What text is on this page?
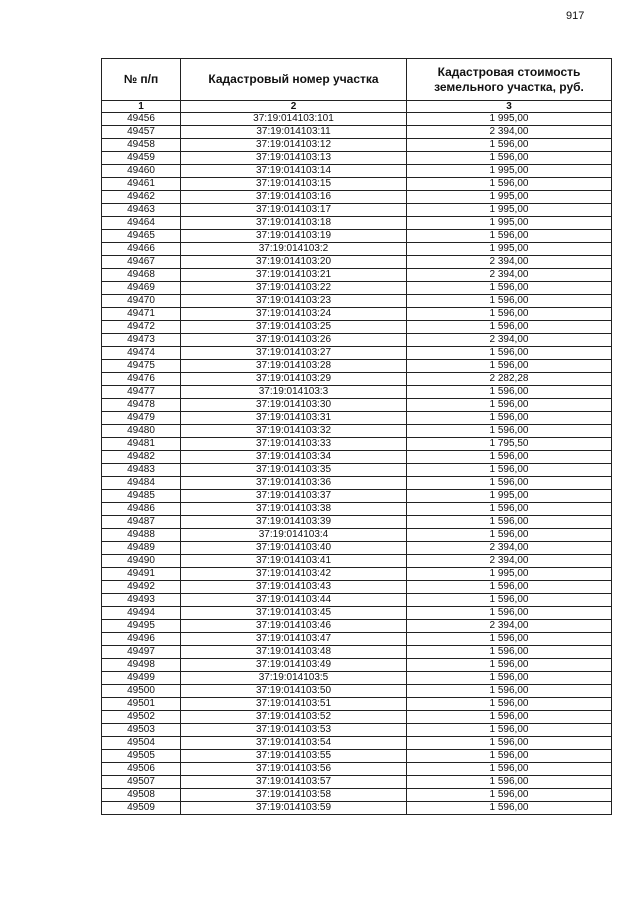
917
№ п/п	Кадастровый номер участка	Кадастровая стоимость земельного участка, руб.
1	2	3
49456	37:19:014103:101	1 995,00
49457	37:19:014103:11	2 394,00
49458	37:19:014103:12	1 596,00
49459	37:19:014103:13	1 596,00
49460	37:19:014103:14	1 995,00
49461	37:19:014103:15	1 596,00
49462	37:19:014103:16	1 995,00
49463	37:19:014103:17	1 995,00
49464	37:19:014103:18	1 995,00
49465	37:19:014103:19	1 596,00
49466	37:19:014103:2	1 995,00
49467	37:19:014103:20	2 394,00
49468	37:19:014103:21	2 394,00
49469	37:19:014103:22	1 596,00
49470	37:19:014103:23	1 596,00
49471	37:19:014103:24	1 596,00
49472	37:19:014103:25	1 596,00
49473	37:19:014103:26	2 394,00
49474	37:19:014103:27	1 596,00
49475	37:19:014103:28	1 596,00
49476	37:19:014103:29	2 282,28
49477	37:19:014103:3	1 596,00
49478	37:19:014103:30	1 596,00
49479	37:19:014103:31	1 596,00
49480	37:19:014103:32	1 596,00
49481	37:19:014103:33	1 795,50
49482	37:19:014103:34	1 596,00
49483	37:19:014103:35	1 596,00
49484	37:19:014103:36	1 596,00
49485	37:19:014103:37	1 995,00
49486	37:19:014103:38	1 596,00
49487	37:19:014103:39	1 596,00
49488	37:19:014103:4	1 596,00
49489	37:19:014103:40	2 394,00
49490	37:19:014103:41	2 394,00
49491	37:19:014103:42	1 995,00
49492	37:19:014103:43	1 596,00
49493	37:19:014103:44	1 596,00
49494	37:19:014103:45	1 596,00
49495	37:19:014103:46	2 394,00
49496	37:19:014103:47	1 596,00
49497	37:19:014103:48	1 596,00
49498	37:19:014103:49	1 596,00
49499	37:19:014103:5	1 596,00
49500	37:19:014103:50	1 596,00
49501	37:19:014103:51	1 596,00
49502	37:19:014103:52	1 596,00
49503	37:19:014103:53	1 596,00
49504	37:19:014103:54	1 596,00
49505	37:19:014103:55	1 596,00
49506	37:19:014103:56	1 596,00
49507	37:19:014103:57	1 596,00
49508	37:19:014103:58	1 596,00
49509	37:19:014103:59	1 596,00
